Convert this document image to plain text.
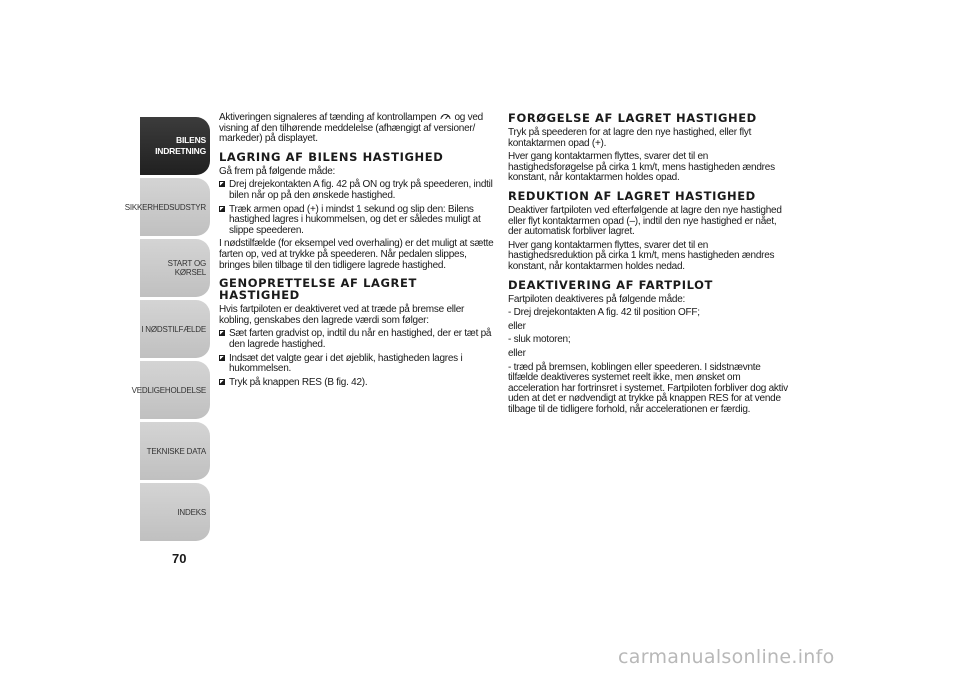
BILENS INDRETNING
SIKKERHEDSUDSTYR
START OG KØRSEL
I NØDSTILFÆLDE
VEDLIGEHOLDELSE
TEKNISKE DATA
INDEKS
70

Aktiveringen signaleres af tænding af kontrollampen og ved visning af den tilhørende meddelelse (afhængigt af versioner/ markeder) på displayet.

LAGRING AF BILENS HASTIGHED

Gå frem på følgende måde:

Drej drejekontakten A fig. 42 på ON og tryk på speederen, indtil bilen når op på den ønskede hastighed.

Træk armen opad (+) i mindst 1 sekund og slip den: Bilens hastighed lagres i hukommelsen, og det er således muligt at slippe speederen.

I nødstilfælde (for eksempel ved overhaling) er det muligt at sætte farten op, ved at trykke på speederen. Når pedalen slippes, bringes bilen tilbage til den tidligere lagrede hastighed.

GENOPRETTELSE AF LAGRET HASTIGHED

Hvis fartpiloten er deaktiveret ved at træde på bremse eller kobling, genskabes den lagrede værdi som følger:

Sæt farten gradvist op, indtil du når en hastighed, der er tæt på den lagrede hastighed.

Indsæt det valgte gear i det øjeblik, hastigheden lagres i hukommelsen.

Tryk på knappen RES (B fig. 42).

FORØGELSE AF LAGRET HASTIGHED

Tryk på speederen for at lagre den nye hastighed, eller flyt kontaktarmen opad (+).

Hver gang kontaktarmen flyttes, svarer det til en hastighedsforøgelse på cirka 1 km/t, mens hastigheden ændres konstant, når kontaktarmen holdes opad.

REDUKTION AF LAGRET HASTIGHED

Deaktiver fartpiloten ved efterfølgende at lagre den nye hastighed eller flyt kontaktarmen opad (–), indtil den nye hastighed er nået, der automatisk forbliver lagret.

Hver gang kontaktarmen flyttes, svarer det til en hastighedsreduktion på cirka 1 km/t, mens hastigheden ændres konstant, når kontaktarmen holdes nedad.

DEAKTIVERING AF FARTPILOT

Fartpiloten deaktiveres på følgende måde:

- Drej drejekontakten A fig. 42 til position OFF;

eller

- sluk motoren;

eller

- træd på bremsen, koblingen eller speederen. I sidstnævnte tilfælde deaktiveres systemet reelt ikke, men ønsket om acceleration har fortrinsret i systemet. Fartpiloten forbliver dog aktiv uden at det er nødvendigt at trykke på knappen RES for at vende tilbage til de tidligere forhold, når accelerationen er færdig.

carmanualsonline.info
